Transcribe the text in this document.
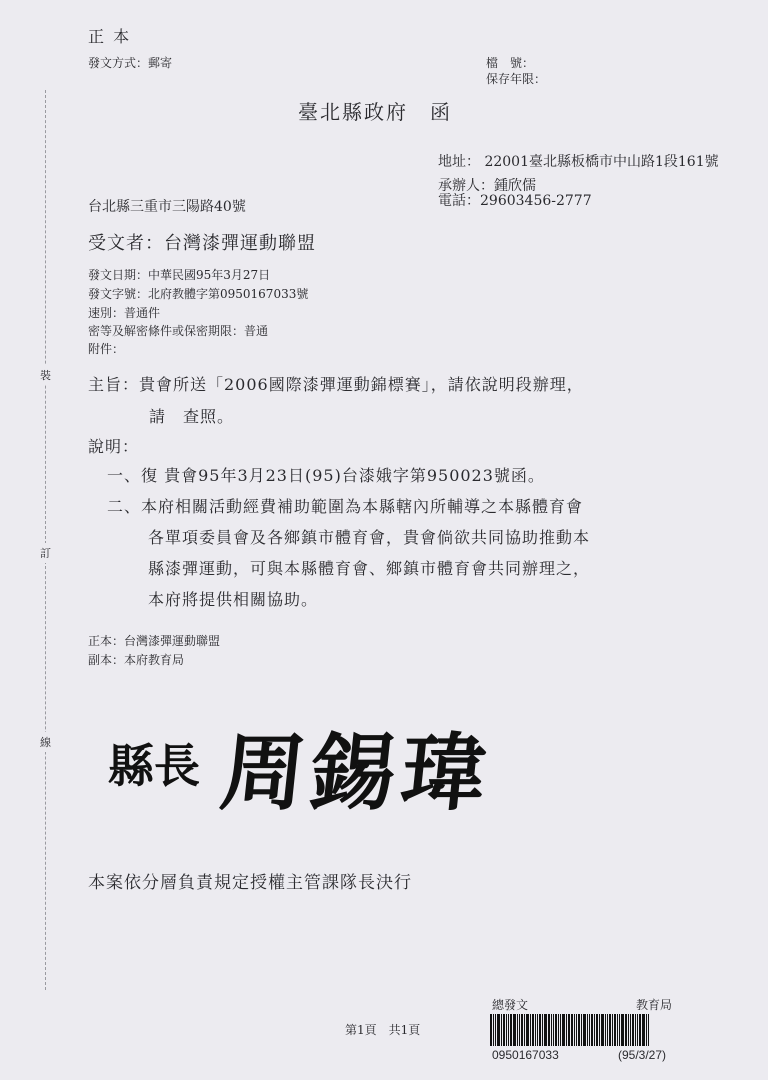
裝
訂
線
正 本
發文方式：郵寄	檔　號：
保存年限：
臺北縣政府　函
地址： 22001臺北縣板橋市中山路1段161號
承辦人：鍾欣儒
電話：29603456-2777
台北縣三重市三陽路40號
受文者：台灣漆彈運動聯盟
發文日期：中華民國95年3月27日
發文字號：北府教體字第0950167033號
速別：普通件
密等及解密條件或保密期限：普通
附件：
主旨：貴會所送「2006國際漆彈運動錦標賽」，請依說明段辦理，
請　查照。
說明：
一、復 貴會95年3月23日(95)台漆娥字第950023號函。
二、本府相關活動經費補助範圍為本縣轄內所輔導之本縣體育會
各單項委員會及各鄉鎮市體育會，貴會倘欲共同協助推動本
縣漆彈運動，可與本縣體育會、鄉鎮市體育會共同辦理之，
本府將提供相關協助。
正本：台灣漆彈運動聯盟
副本：本府教育局
縣長 周錫瑋
本案依分層負責規定授權主管課隊長決行
第1頁　共1頁
總發文	教育局
0950167033	(95/3/27)
